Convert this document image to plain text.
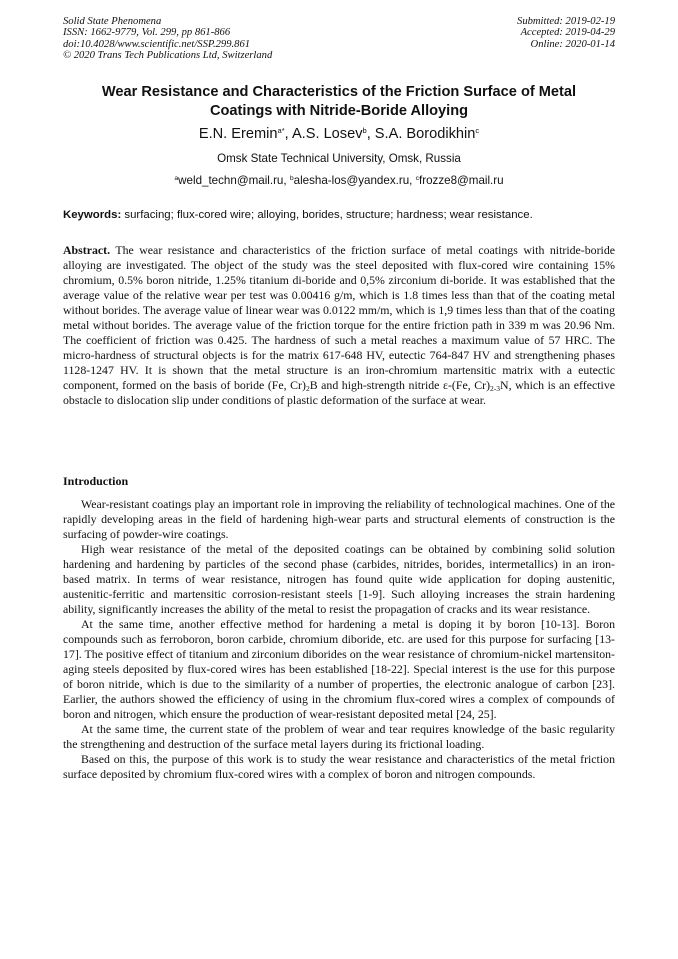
Solid State Phenomena
ISSN: 1662-9779, Vol. 299, pp 861-866
doi:10.4028/www.scientific.net/SSP.299.861
© 2020 Trans Tech Publications Ltd, Switzerland
Submitted: 2019-02-19
Accepted: 2019-04-29
Online: 2020-01-14
Wear Resistance and Characteristics of the Friction Surface of Metal
Coatings with Nitride-Boride Alloying
E.N. Eremin$^{a*}$, A.S. Losev$^b$, S.A. Borodikhin$^c$
Omsk State Technical University, Omsk, Russia
$^a$weld_techn@mail.ru, $^b$alesha-los@yandex.ru, $^c$frozze8@mail.ru
Keywords: surfacing; flux-cored wire; alloying, borides, structure; hardness; wear resistance.

Abstract. The wear resistance and characteristics of the friction surface of metal coatings with nitride-boride alloying are investigated. The object of the study was the steel deposited with flux-cored wire containing 15% chromium, 0.5% boron nitride, 1.25% titanium di-boride and 0,5% zirconium di-boride. It was established that the average value of the relative wear per test was 0.00416 g/m, which is 1.8 times less than that of the coating metal without borides. The average value of linear wear was 0.0122 mm/m, which is 1,9 times less than that of the coating metal without borides. The average value of the friction torque for the entire friction path in 339 m was 20.96 Nm. The coefficient of friction was 0.425. The hardness of such a metal reaches a maximum value of 57 HRC. The micro-hardness of structural objects is for the matrix 617-648 HV, eutectic 764-847 HV and strengthening phases 1128-1247 HV. It is shown that the metal structure is an iron-chromium martensitic matrix with a eutectic component, formed on the basis of boride (Fe, $Cr)_2B$ and high-strength nitride ε-(Fe, $Cr)_{2-3}N$, which is an effective obstacle to dislocation slip under conditions of plastic deformation of the surface at wear.

Introduction

Wear-resistant coatings play an important role in improving the reliability of technological machines. One of the rapidly developing areas in the field of hardening high-wear parts and structural elements of construction is the surfacing of powder-wire coatings.

High wear resistance of the metal of the deposited coatings can be obtained by combining solid solution hardening and hardening by particles of the second phase (carbides, nitrides, borides, intermetallics) in an iron-based matrix. In terms of wear resistance, nitrogen has found quite wide application for doping austenitic, austenitic-ferritic and martensitic corrosion-resistant steels [1-9]. Such alloying increases the strain hardening ability, significantly increases the ability of the metal to resist the propagation of cracks and its wear resistance.

At the same time, another effective method for hardening a metal is doping it by boron [10-13]. Boron compounds such as ferroboron, boron carbide, chromium diboride, etc. are used for this purpose for surfacing [13-17]. The positive effect of titanium and zirconium diborides on the wear resistance of chromium-nickel martensiton-aging steels deposited by flux-cored wires has been established [18-22]. Special interest is the use for this purpose of boron nitride, which is due to the similarity of a number of properties, the electronic analogue of carbon [23]. Earlier, the authors showed the efficiency of using in the chromium flux-cored wires a complex of compounds of boron and nitrogen, which ensure the production of wear-resistant deposited metal [24, 25].

At the same time, the current state of the problem of wear and tear requires knowledge of the basic regularity the strengthening and destruction of the surface metal layers during its frictional loading.

Based on this, the purpose of this work is to study the wear resistance and characteristics of the metal friction surface deposited by chromium flux-cored wires with a complex of boron and nitrogen compounds.
